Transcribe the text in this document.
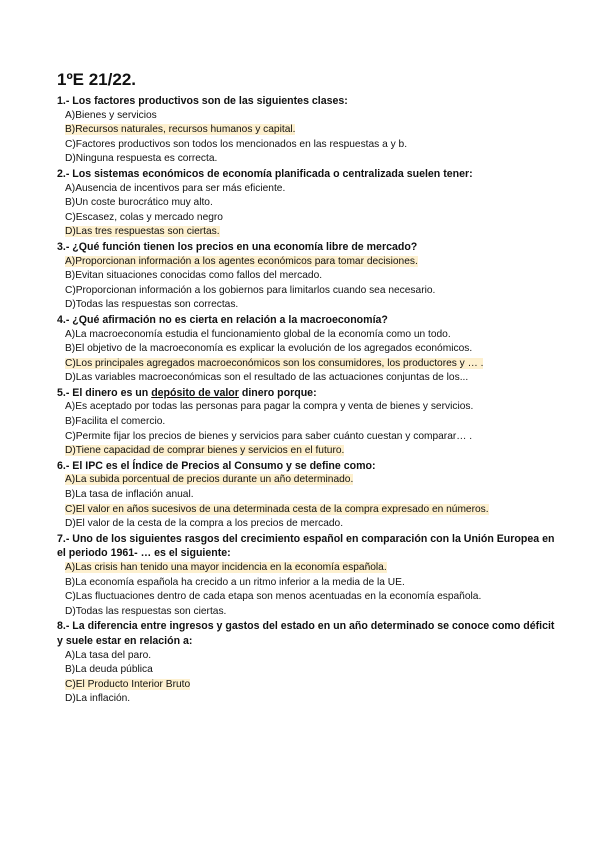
1ºE 21/22.
1.- Los factores productivos son de las siguientes clases:
A)Bienes y servicios
B)Recursos naturales, recursos humanos y capital.
C)Factores productivos son todos los mencionados en las respuestas a y b.
D)Ninguna respuesta es correcta.
2.- Los sistemas económicos de economía planificada o centralizada suelen tener:
A)Ausencia de incentivos para ser más eficiente.
B)Un coste burocrático muy alto.
C)Escasez, colas y mercado negro
D)Las tres respuestas son ciertas.
3.- ¿Qué función tienen los precios en una economía libre de mercado?
A)Proporcionan información a los agentes económicos para tomar decisiones.
B)Evitan situaciones conocidas como fallos del mercado.
C)Proporcionan información a los gobiernos para limitarlos cuando sea necesario.
D)Todas las respuestas son correctas.
4.- ¿Qué afirmación no es cierta en relación a la macroeconomía?
A)La macroeconomía estudia el funcionamiento global de la economía como un todo.
B)El objetivo de la macroeconomía es explicar la evolución de los agregados económicos.
C)Los principales agregados macroeconómicos son los consumidores, los productores y … .
D)Las variables macroeconómicas son el resultado de las actuaciones conjuntas de los...
5.- El dinero es un depósito de valor dinero porque:
A)Es aceptado por todas las personas para pagar la compra y venta de bienes y servicios.
B)Facilita el comercio.
C)Permite fijar los precios de bienes y servicios para saber cuánto cuestan y comparar… .
D)Tiene capacidad de comprar bienes y servicios en el futuro.
6.- El IPC es el Índice de Precios al Consumo y se define como:
A)La subida porcentual de precios durante un año determinado.
B)La tasa de inflación anual.
C)El valor en años sucesivos de una determinada cesta de la compra expresado en números.
D)El valor de la cesta de la compra a los precios de mercado.
7.- Uno de los siguientes rasgos del crecimiento español en comparación con la Unión Europea en el periodo 1961- … es el siguiente:
A)Las crisis han tenido una mayor incidencia en la economía española.
B)La economía española ha crecido a un ritmo inferior a la media de la UE.
C)Las fluctuaciones dentro de cada etapa son menos acentuadas en la economía española.
D)Todas las respuestas son ciertas.
8.- La diferencia entre ingresos y gastos del estado en un año determinado se conoce como déficit y suele estar en relación a:
A)La tasa del paro.
B)La deuda pública
C)El Producto Interior Bruto
D)La inflación.
